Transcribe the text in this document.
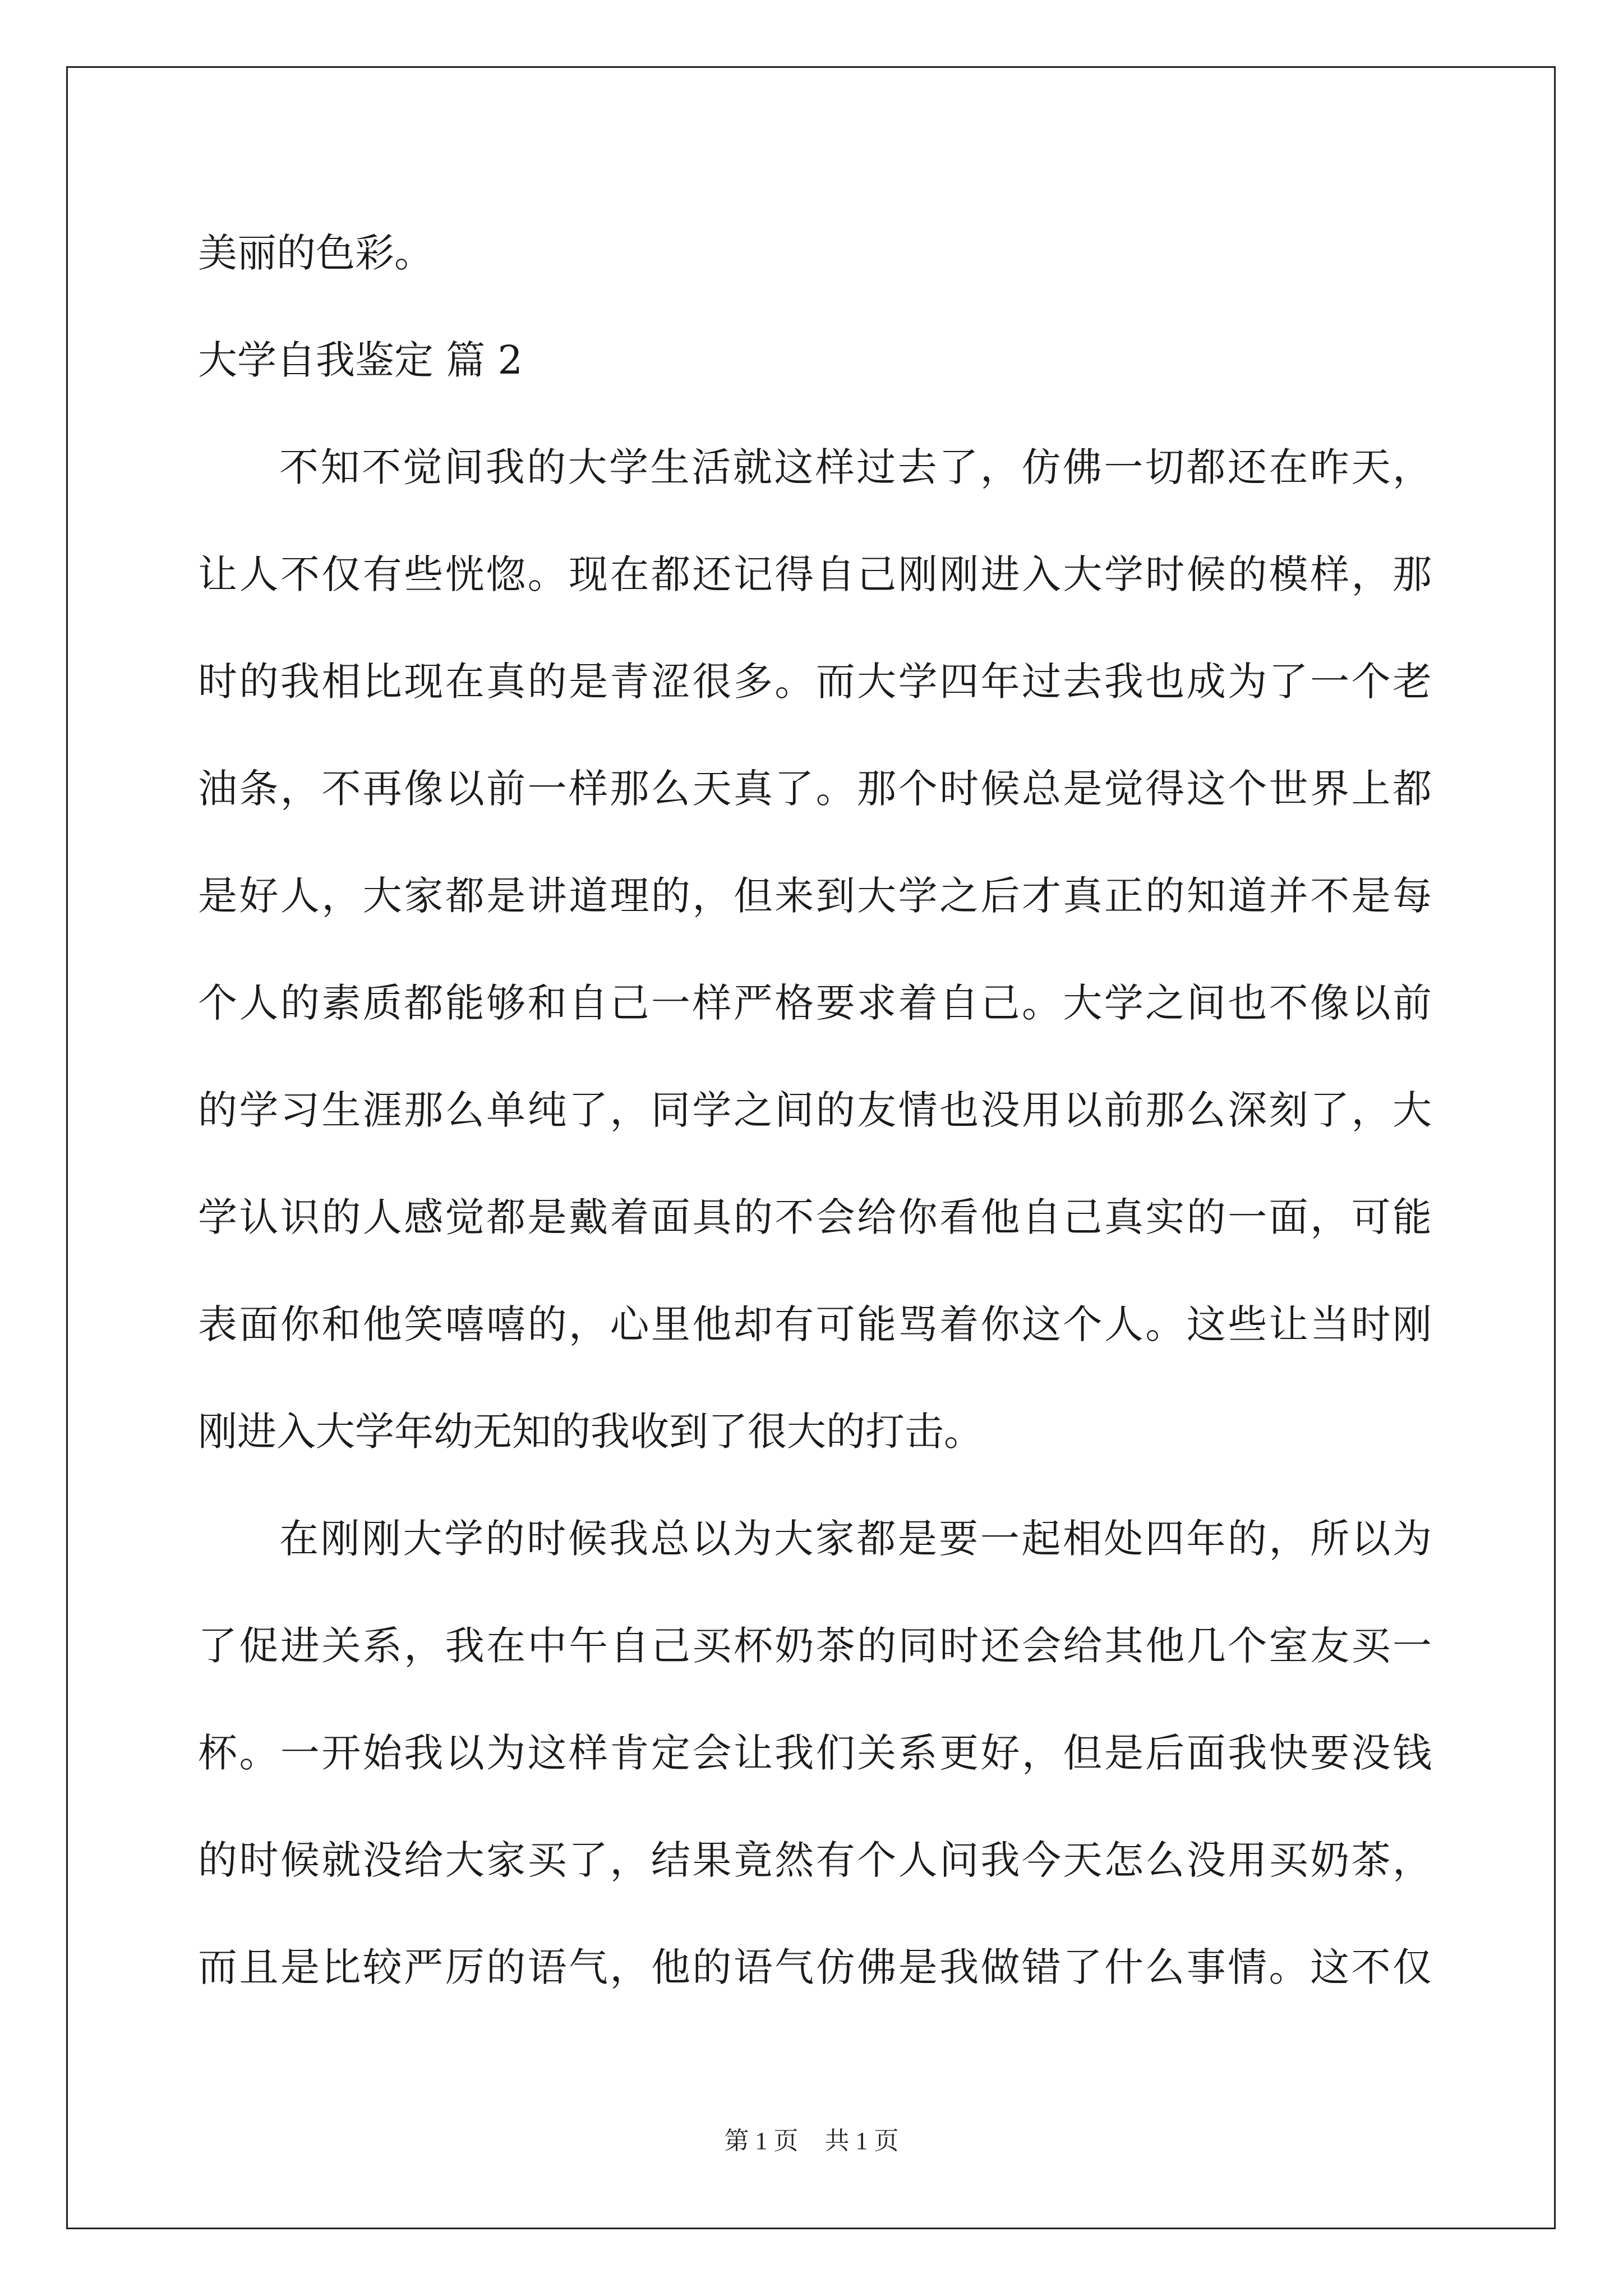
美丽的色彩。
大学自我鉴定 篇 2
不知不觉间我的大学生活就这样过去了，仿佛一切都还在昨天，
让人不仅有些恍惚。现在都还记得自己刚刚进入大学时候的模样，那
时的我相比现在真的是青涩很多。而大学四年过去我也成为了一个老
油条，不再像以前一样那么天真了。那个时候总是觉得这个世界上都
是好人，大家都是讲道理的，但来到大学之后才真正的知道并不是每
个人的素质都能够和自己一样严格要求着自己。大学之间也不像以前
的学习生涯那么单纯了，同学之间的友情也没用以前那么深刻了，大
学认识的人感觉都是戴着面具的不会给你看他自己真实的一面，可能
表面你和他笑嘻嘻的，心里他却有可能骂着你这个人。这些让当时刚
刚进入大学年幼无知的我收到了很大的打击。
在刚刚大学的时候我总以为大家都是要一起相处四年的，所以为
了促进关系，我在中午自己买杯奶茶的同时还会给其他几个室友买一
杯。一开始我以为这样肯定会让我们关系更好，但是后面我快要没钱
的时候就没给大家买了，结果竟然有个人问我今天怎么没用买奶茶，
而且是比较严厉的语气，他的语气仿佛是我做错了什么事情。这不仅
第 1 页 共 1 页
